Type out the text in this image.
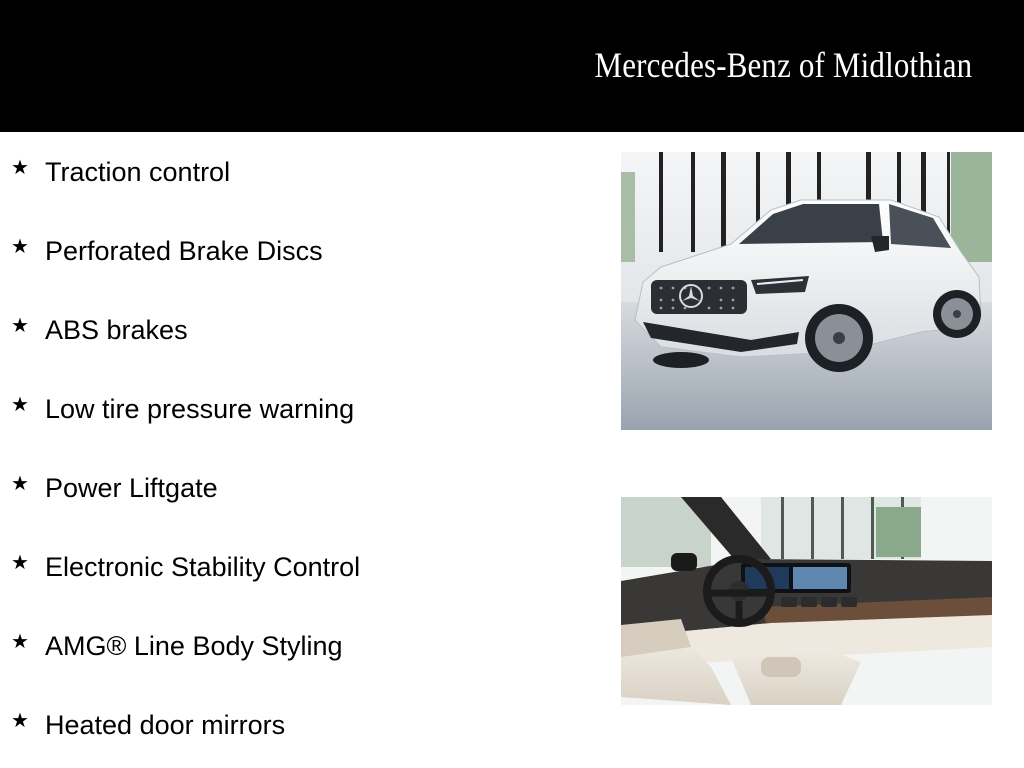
Mercedes-Benz of Midlothian
★ Traction control
★ Perforated Brake Discs
★ ABS brakes
★ Low tire pressure warning
★ Power Liftgate
★ Electronic Stability Control
★ AMG® Line Body Styling
★ Heated door mirrors
